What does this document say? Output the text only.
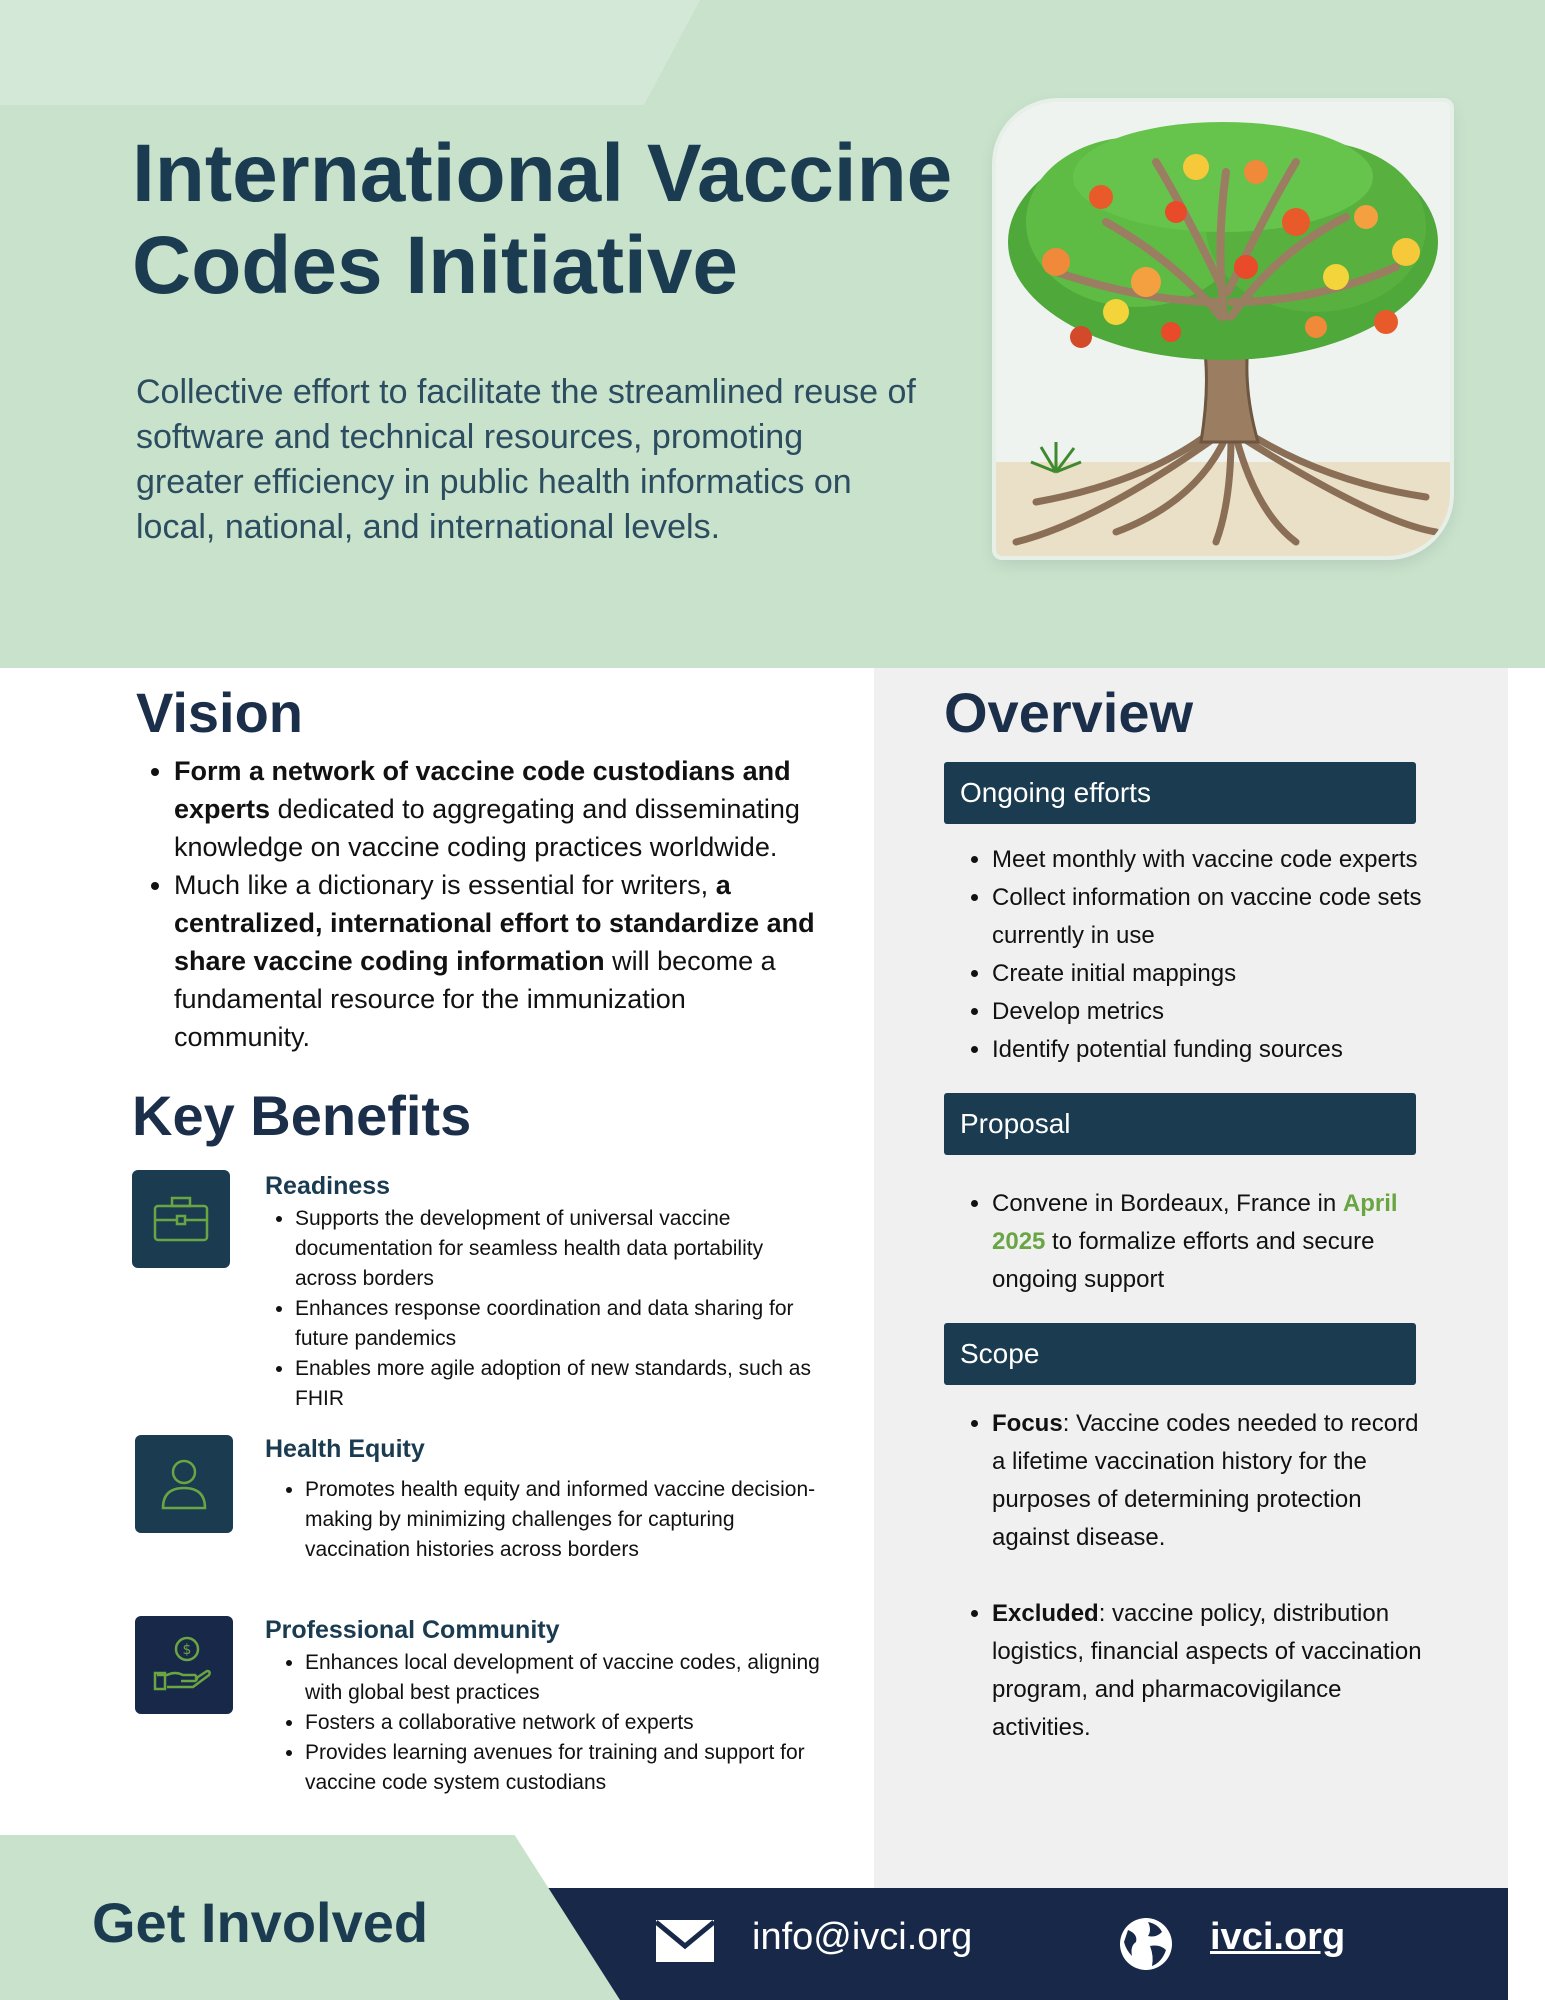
International Vaccine Codes Initiative
Collective effort to facilitate the streamlined reuse of software and technical resources, promoting greater efficiency in public health informatics on local, national, and international levels.
Vision
• Form a network of vaccine code custodians and experts dedicated to aggregating and disseminating knowledge on vaccine coding practices worldwide.
• Much like a dictionary is essential for writers, a centralized, international effort to standardize and share vaccine coding information will become a fundamental resource for the immunization community.
Key Benefits
Readiness
• Supports the development of universal vaccine documentation for seamless health data portability across borders
• Enhances response coordination and data sharing for future pandemics
• Enables more agile adoption of new standards, such as FHIR
Health Equity
• Promotes health equity and informed vaccine decision-making by minimizing challenges for capturing vaccination histories across borders
$
Professional Community
• Enhances local development of vaccine codes, aligning with global best practices
• Fosters a collaborative network of experts
• Provides learning avenues for training and support for vaccine code system custodians
Overview
Ongoing efforts
• Meet monthly with vaccine code experts
• Collect information on vaccine code sets currently in use
• Create initial mappings
• Develop metrics
• Identify potential funding sources
Proposal
• Convene in Bordeaux, France in April 2025 to formalize efforts and secure ongoing support
Scope
• Focus: Vaccine codes needed to record a lifetime vaccination history for the purposes of determining protection against disease.
• Excluded: vaccine policy, distribution logistics, financial aspects of vaccination program, and pharmacovigilance activities.
Get Involved	info@ivci.org	ivci.org
